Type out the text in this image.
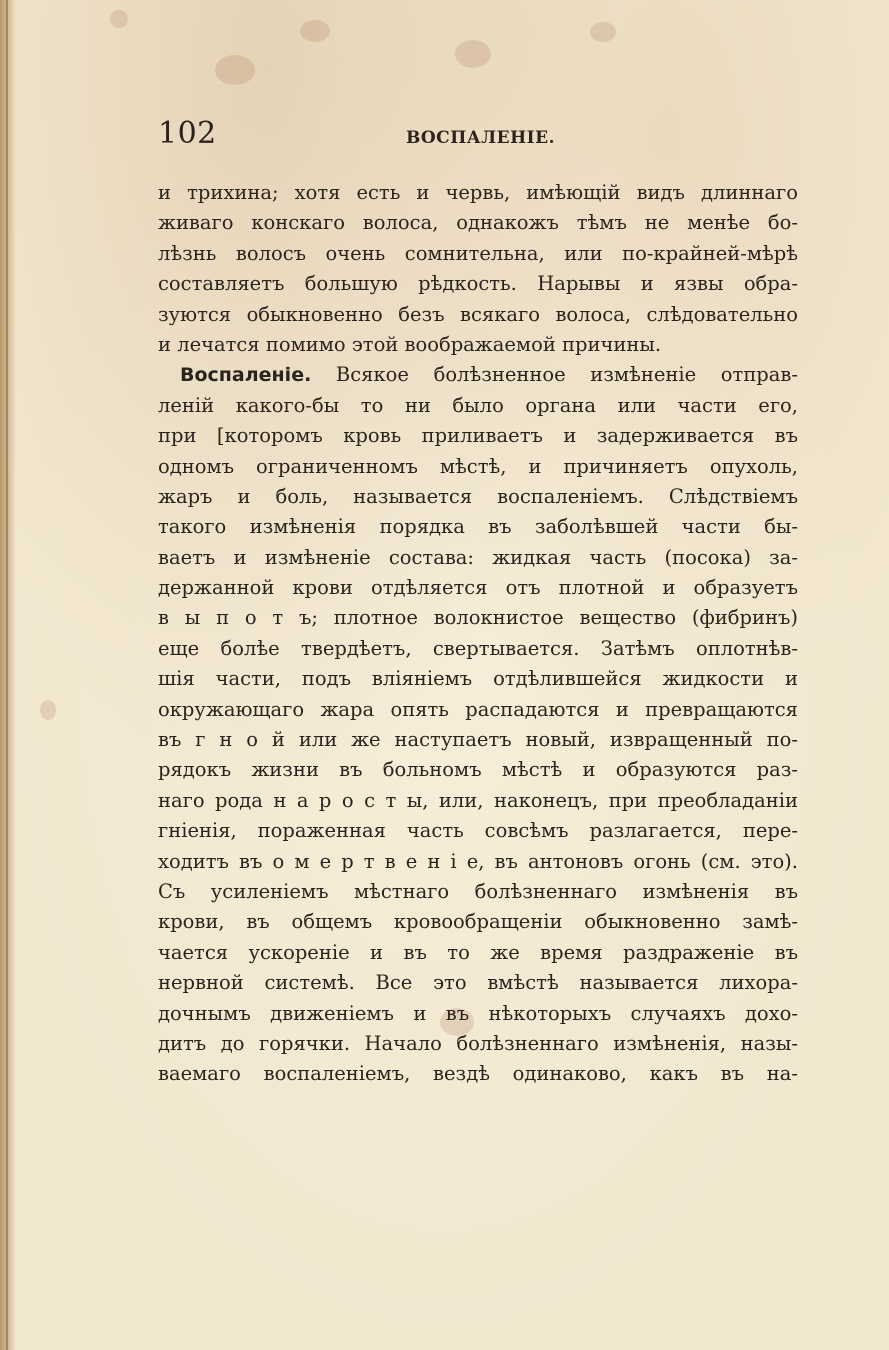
102	ВОСПАЛЕНІЕ.
и трихина; хотя есть и червь, имѣющій видъ длиннаго
живаго конскаго волоса, однакожъ тѣмъ не менѣе бо-
лѣзнь волосъ очень сомнительна, или по-крайней-мѣрѣ
составляетъ большую рѣдкость. Нарывы и язвы обра-
зуются обыкновенно безъ всякаго волоса, слѣдовательно
и лечатся помимо этой воображаемой причины.
Воспаленіе. Всякое болѣзненное измѣненіе отправ-
леній какого-бы то ни было органа или части его,
при [которомъ кровь приливаетъ и задерживается въ
одномъ ограниченномъ мѣстѣ, и причиняетъ опухоль,
жаръ и боль, называется воспаленіемъ. Слѣдствіемъ
такого измѣненія порядка въ заболѣвшей части бы-
ваетъ и измѣненіе состава: жидкая часть (посока) за-
держанной крови отдѣляется отъ плотной и образуетъ
в ы п о т ъ; плотное волокнистое вещество (фибринъ)
еще болѣе твердѣетъ, свертывается. Затѣмъ оплотнѣв-
шія части, подъ вліяніемъ отдѣлившейся жидкости и
окружающаго жара опять распадаются и превращаются
въ г н о й или же наступаетъ новый, извращенный по-
рядокъ жизни въ больномъ мѣстѣ и образуются раз-
наго рода н а р о с т ы, или, наконецъ, при преобладаніи
гніенія, пораженная часть совсѣмъ разлагается, пере-
ходитъ въ о м е р т в е н і е, въ антоновъ огонь (см. это).
Съ усиленіемъ мѣстнаго болѣзненнаго измѣненія въ
крови, въ общемъ кровообращеніи обыкновенно замѣ-
чается ускореніе и въ то же время раздраженіе въ
нервной системѣ. Все это вмѣстѣ называется лихора-
дочнымъ движеніемъ и въ нѣкоторыхъ случаяхъ дохо-
дитъ до горячки. Начало болѣзненнаго измѣненія, назы-
ваемаго воспаленіемъ, вездѣ одинаково, какъ въ на-
